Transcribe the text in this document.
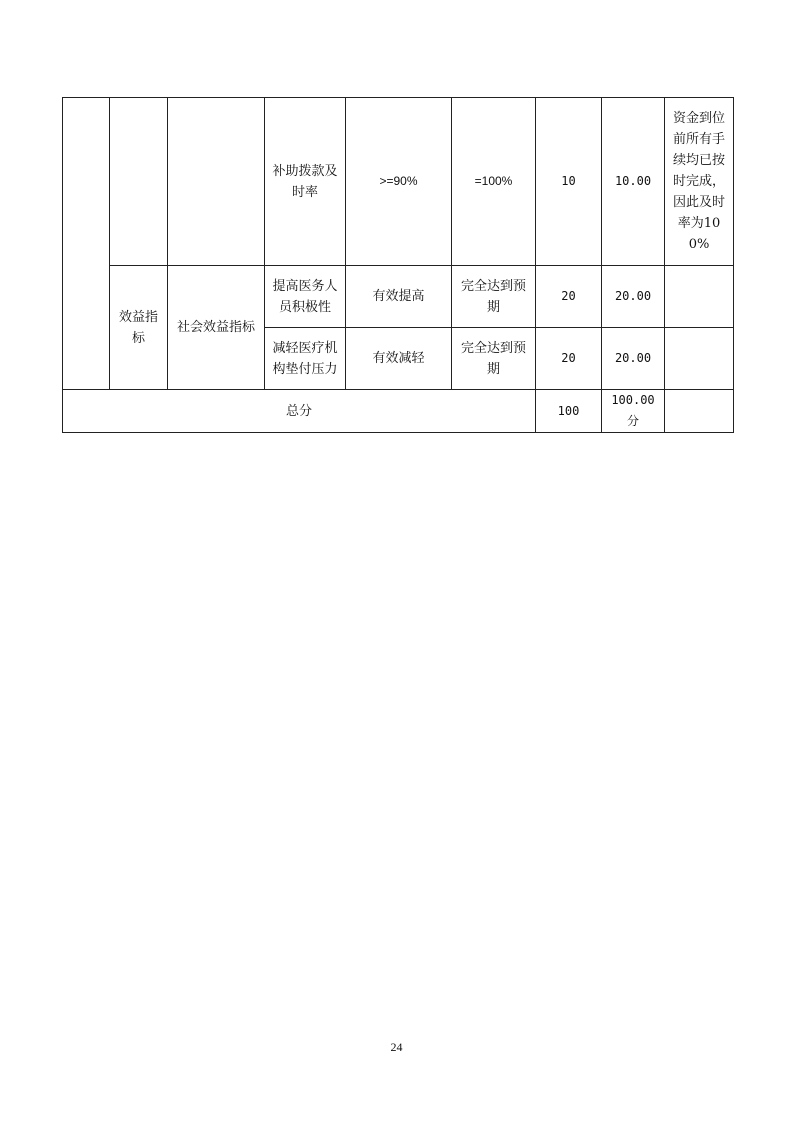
			补助拨款及时率	>=90%	=100%	10	10.00	资金到位前所有手续均已按时完成，因此及时率为100%
	效益指标	社会效益指标	提高医务人员积极性	有效提高	完全达到预期	20	20.00	
			减轻医疗机构垫付压力	有效减轻	完全达到预期	20	20.00	
总分						100	100.00分	
24
